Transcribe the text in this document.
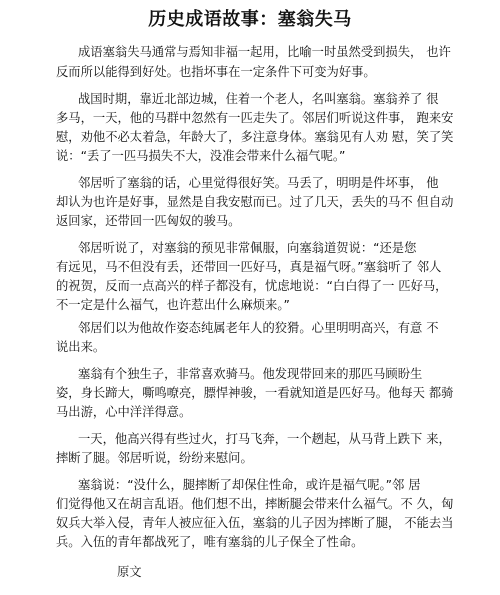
历史成语故事：塞翁失马
成语塞翁失马通常与焉知非福一起用，比喻一时虽然受到损失， 也许
反而所以能得到好处。也指坏事在一定条件下可变为好事。
战国时期，靠近北部边城，住着一个老人，名叫塞翁。塞翁养了 很
多马，一天，他的马群中忽然有一匹走失了。邻居们听说这件事， 跑来安
慰，劝他不必太着急，年龄大了，多注意身体。塞翁见有人劝 慰，笑了笑
说：“丢了一匹马损失不大，没准会带来什么福气呢。”
邻居听了塞翁的话，心里觉得很好笑。马丢了，明明是件坏事， 他
却认为也许是好事，显然是自我安慰而已。过了几天，丢失的马不 但自动
返回家，还带回一匹匈奴的骏马。
邻居听说了，对塞翁的预见非常佩服，向塞翁道贺说：“还是您
有远见，马不但没有丢，还带回一匹好马，真是福气呀。”塞翁听了 邻人
的祝贺，反而一点高兴的样子都没有，忧虑地说：“白白得了一 匹好马，
不一定是什么福气，也许惹出什么麻烦来。”
邻居们以为他故作姿态纯属老年人的狡猾。心里明明高兴，有意 不
说出来。
塞翁有个独生子，非常喜欢骑马。他发现带回来的那匹马顾盼生
姿，身长蹄大，嘶鸣嘹亮，膘悍神骏，一看就知道是匹好马。他每天 都骑
马出游，心中洋洋得意。
一天，他高兴得有些过火，打马飞奔，一个趔起，从马背上跌下 来，
摔断了腿。邻居听说，纷纷来慰问。
塞翁说：“没什么，腿摔断了却保住性命，或许是福气呢。”邻 居
们觉得他又在胡言乱语。他们想不出，摔断腿会带来什么福气。不 久，匈
奴兵大举入侵，青年人被应征入伍，塞翁的儿子因为摔断了腿， 不能去当
兵。入伍的青年都战死了，唯有塞翁的儿子保全了性命。
原文
